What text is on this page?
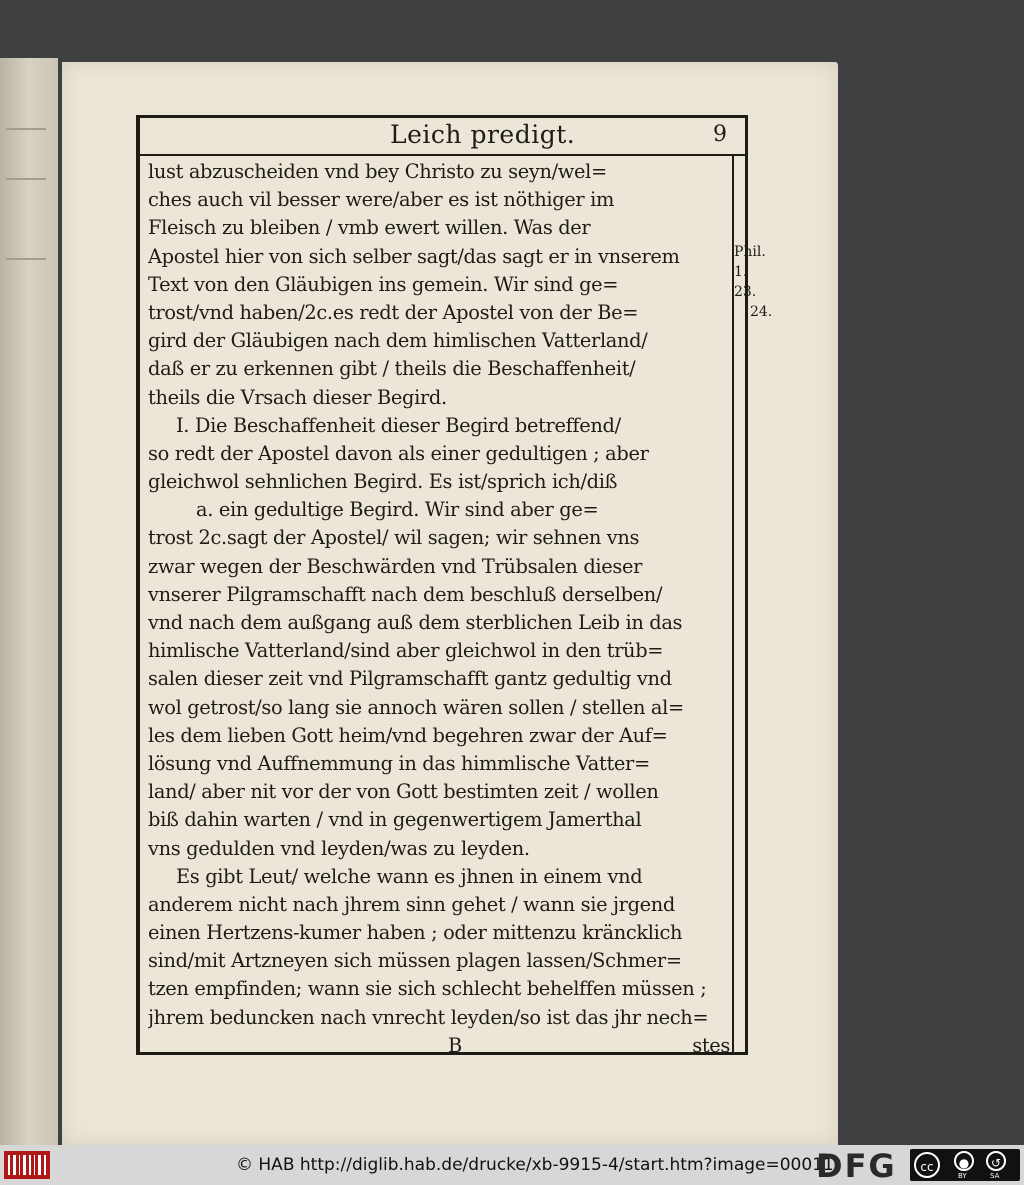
Leich predigt.	9
lust abzuscheiden vnd bey Christo zu seyn/wel=
ches auch vil besser were/aber es ist nöthiger im
Fleisch zu bleiben / vmb ewert willen. Was der
Apostel hier von sich selber sagt/das sagt er in vnserem
Text von den Gläubigen ins gemein. Wir sind ge=
trost/vnd haben/2c.es redt der Apostel von der Be=
gird der Gläubigen nach dem himlischen Vatterland/
daß er zu erkennen gibt / theils die Beschaffenheit/
theils die Vrsach dieser Begird.
I. Die Beschaffenheit dieser Begird betreffend/
so redt der Apostel davon als einer gedultigen ; aber
gleichwol sehnlichen Begird. Es ist/sprich ich/diß
a. ein gedultige Begird. Wir sind aber ge=
trost 2c.sagt der Apostel/ wil sagen; wir sehnen vns
zwar wegen der Beschwärden vnd Trübsalen dieser
vnserer Pilgramschafft nach dem beschluß derselben/
vnd nach dem außgang auß dem sterblichen Leib in das
himlische Vatterland/sind aber gleichwol in den trüb=
salen dieser zeit vnd Pilgramschafft gantz gedultig vnd
wol getrost/so lang sie annoch wären sollen / stellen al=
les dem lieben Gott heim/vnd begehren zwar der Auf=
lösung vnd Auffnemmung in das himmlische Vatter=
land/ aber nit vor der von Gott bestimten zeit / wollen
biß dahin warten / vnd in gegenwertigem Jamerthal
vns gedulden vnd leyden/was zu leyden.
Es gibt Leut/ welche wann es jhnen in einem vnd
anderem nicht nach jhrem sinn gehet / wann sie jrgend
einen Hertzens-kumer haben ; oder mittenzu kräncklich
sind/mit Artzneyen sich müssen plagen lassen/Schmer=
tzen empfinden; wann sie sich schlecht behelffen müssen ;
jhrem beduncken nach vnrecht leyden/so ist das jhr nech=
B	stes
Phil. 1. 23.
24.
© HAB http://diglib.hab.de/drucke/xb-9915-4/start.htm?image=00011
DFG	cc	●	↺
BY	SA
